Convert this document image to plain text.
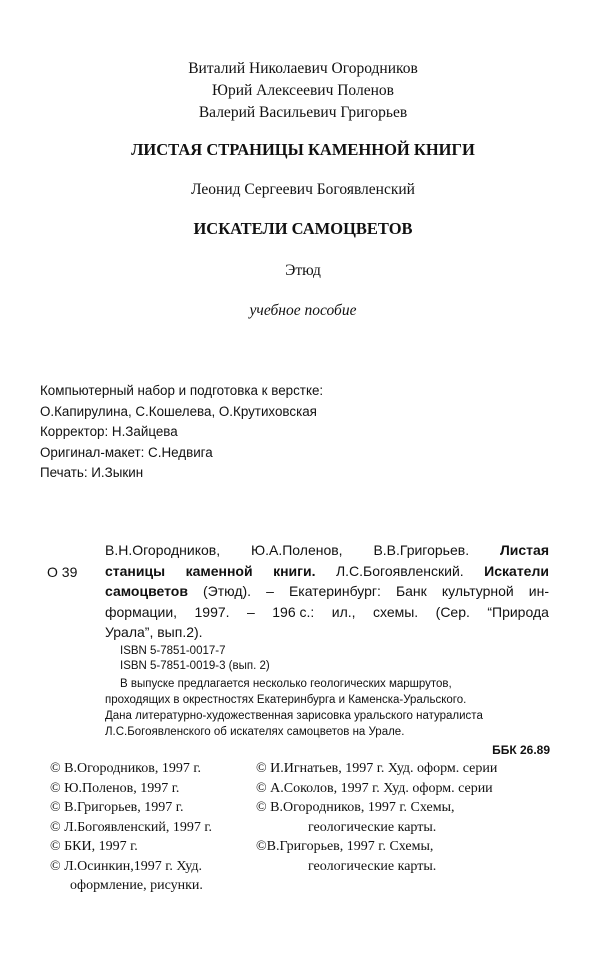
Виталий Николаевич Огородников
Юрий Алексеевич Поленов
Валерий Васильевич Григорьев
ЛИСТАЯ СТРАНИЦЫ КАМЕННОЙ КНИГИ
Леонид Сергеевич Богоявленский
ИСКАТЕЛИ САМОЦВЕТОВ
Этюд
учебное пособие
Компьютерный набор и подготовка к верстке:
О.Капирулина, С.Кошелева, О.Крутиховская
Корректор: Н.Зайцева
Оригинал-макет: С.Недвига
Печать: И.Зыкин
О 39
В.Н.Огородников, Ю.А.Поленов, В.В.Григорьев. Листая
станицы каменной книги. Л.С.Богоявленский. Искатели
самоцветов (Этюд). – Екатеринбург: Банк культурной ин-
формации, 1997. – 196 с.: ил., схемы. (Сер. “Природа
Урала”, вып.2).
ISBN 5-7851-0017-7
ISBN 5-7851-0019-3 (вып. 2)
В выпуске предлагается несколько геологических маршрутов,
проходящих в окрестностях Екатеринбурга и Каменска-Уральского.
Дана литературно-художественная зарисовка уральского натуралиста
Л.С.Богоявленского об искателях самоцветов на Урале.
ББК 26.89
© В.Огородников, 1997 г.
© Ю.Поленов, 1997 г.
© В.Григорьев, 1997 г.
© Л.Богоявленский, 1997 г.
© БКИ, 1997 г.
© Л.Осинкин,1997 г. Худ.
оформление, рисунки.
© И.Игнатьев, 1997 г. Худ. оформ. серии
© А.Соколов, 1997 г. Худ. оформ. серии
© В.Огородников, 1997 г. Схемы,
геологические карты.
©В.Григорьев, 1997 г. Схемы,
геологические карты.
